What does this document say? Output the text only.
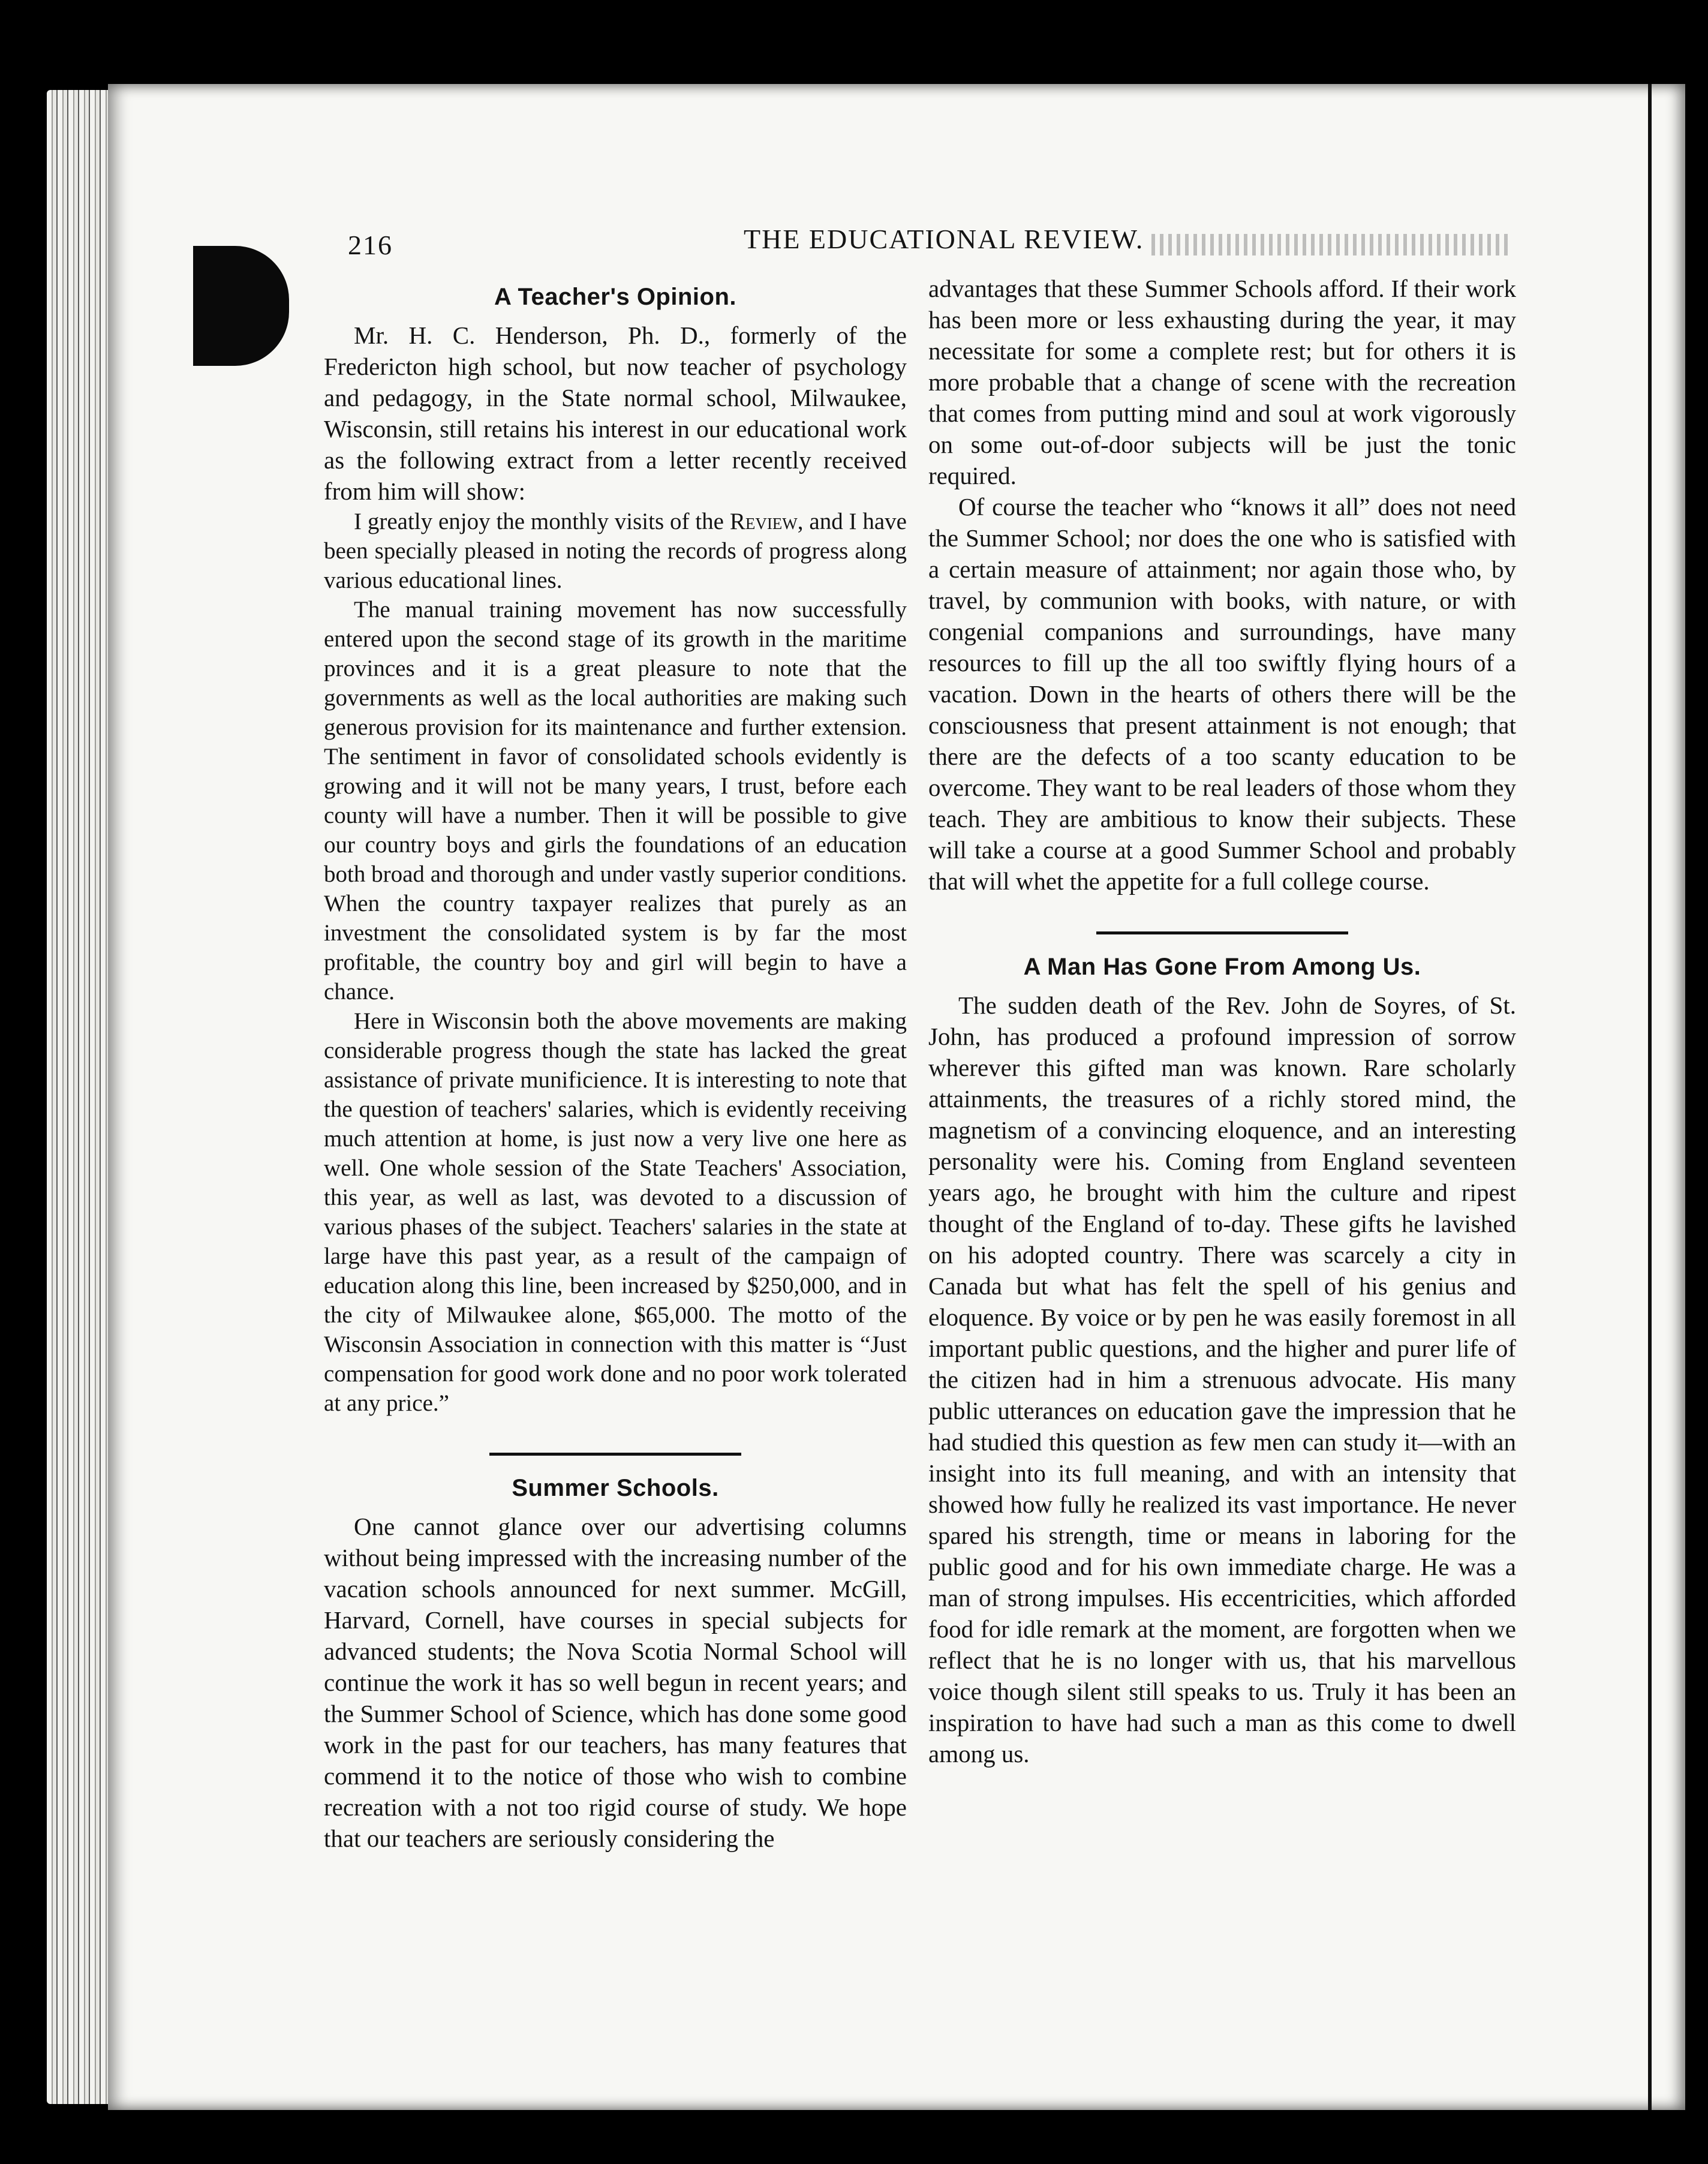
216	THE EDUCATIONAL REVIEW.
A Teacher's Opinion.

Mr. H. C. Henderson, Ph. D., formerly of the Fredericton high school, but now teacher of psychology and pedagogy, in the State normal school, Milwaukee, Wisconsin, still retains his interest in our educational work as the following extract from a letter recently received from him will show:

I greatly enjoy the monthly visits of the Review, and I have been specially pleased in noting the records of progress along various educational lines.

The manual training movement has now successfully entered upon the second stage of its growth in the maritime provinces and it is a great pleasure to note that the governments as well as the local authorities are making such generous provision for its maintenance and further extension. The sentiment in favor of consolidated schools evidently is growing and it will not be many years, I trust, before each county will have a number. Then it will be possible to give our country boys and girls the foundations of an education both broad and thorough and under vastly superior conditions. When the country taxpayer realizes that purely as an investment the consolidated system is by far the most profitable, the country boy and girl will begin to have a chance.

Here in Wisconsin both the above movements are making considerable progress though the state has lacked the great assistance of private munificience. It is interesting to note that the question of teachers' salaries, which is evidently receiving much attention at home, is just now a very live one here as well. One whole session of the State Teachers' Association, this year, as well as last, was devoted to a discussion of various phases of the subject. Teachers' salaries in the state at large have this past year, as a result of the campaign of education along this line, been increased by $250,000, and in the city of Milwaukee alone, $65,000. The motto of the Wisconsin Association in connection with this matter is “Just compensation for good work done and no poor work tolerated at any price.”

Summer Schools.

One cannot glance over our advertising columns without being impressed with the increasing number of the vacation schools announced for next summer. McGill, Harvard, Cornell, have courses in special subjects for advanced students; the Nova Scotia Normal School will continue the work it has so well begun in recent years; and the Summer School of Science, which has done some good work in the past for our teachers, has many features that commend it to the notice of those who wish to combine recreation with a not too rigid course of study. We hope that our teachers are seriously considering the

advantages that these Summer Schools afford. If their work has been more or less exhausting during the year, it may necessitate for some a complete rest; but for others it is more probable that a change of scene with the recreation that comes from putting mind and soul at work vigorously on some out-of-door subjects will be just the tonic required.

Of course the teacher who “knows it all” does not need the Summer School; nor does the one who is satisfied with a certain measure of attainment; nor again those who, by travel, by communion with books, with nature, or with congenial companions and surroundings, have many resources to fill up the all too swiftly flying hours of a vacation. Down in the hearts of others there will be the consciousness that present attainment is not enough; that there are the defects of a too scanty education to be overcome. They want to be real leaders of those whom they teach. They are ambitious to know their subjects. These will take a course at a good Summer School and probably that will whet the appetite for a full college course.

A Man Has Gone From Among Us.

The sudden death of the Rev. John de Soyres, of St. John, has produced a profound impression of sorrow wherever this gifted man was known. Rare scholarly attainments, the treasures of a richly stored mind, the magnetism of a convincing eloquence, and an interesting personality were his. Coming from England seventeen years ago, he brought with him the culture and ripest thought of the England of to-day. These gifts he lavished on his adopted country. There was scarcely a city in Canada but what has felt the spell of his genius and eloquence. By voice or by pen he was easily foremost in all important public questions, and the higher and purer life of the citizen had in him a strenuous advocate. His many public utterances on education gave the impression that he had studied this question as few men can study it—with an insight into its full meaning, and with an intensity that showed how fully he realized its vast importance. He never spared his strength, time or means in laboring for the public good and for his own immediate charge. He was a man of strong impulses. His eccentricities, which afforded food for idle remark at the moment, are forgotten when we reflect that he is no longer with us, that his marvellous voice though silent still speaks to us. Truly it has been an inspiration to have had such a man as this come to dwell among us.
